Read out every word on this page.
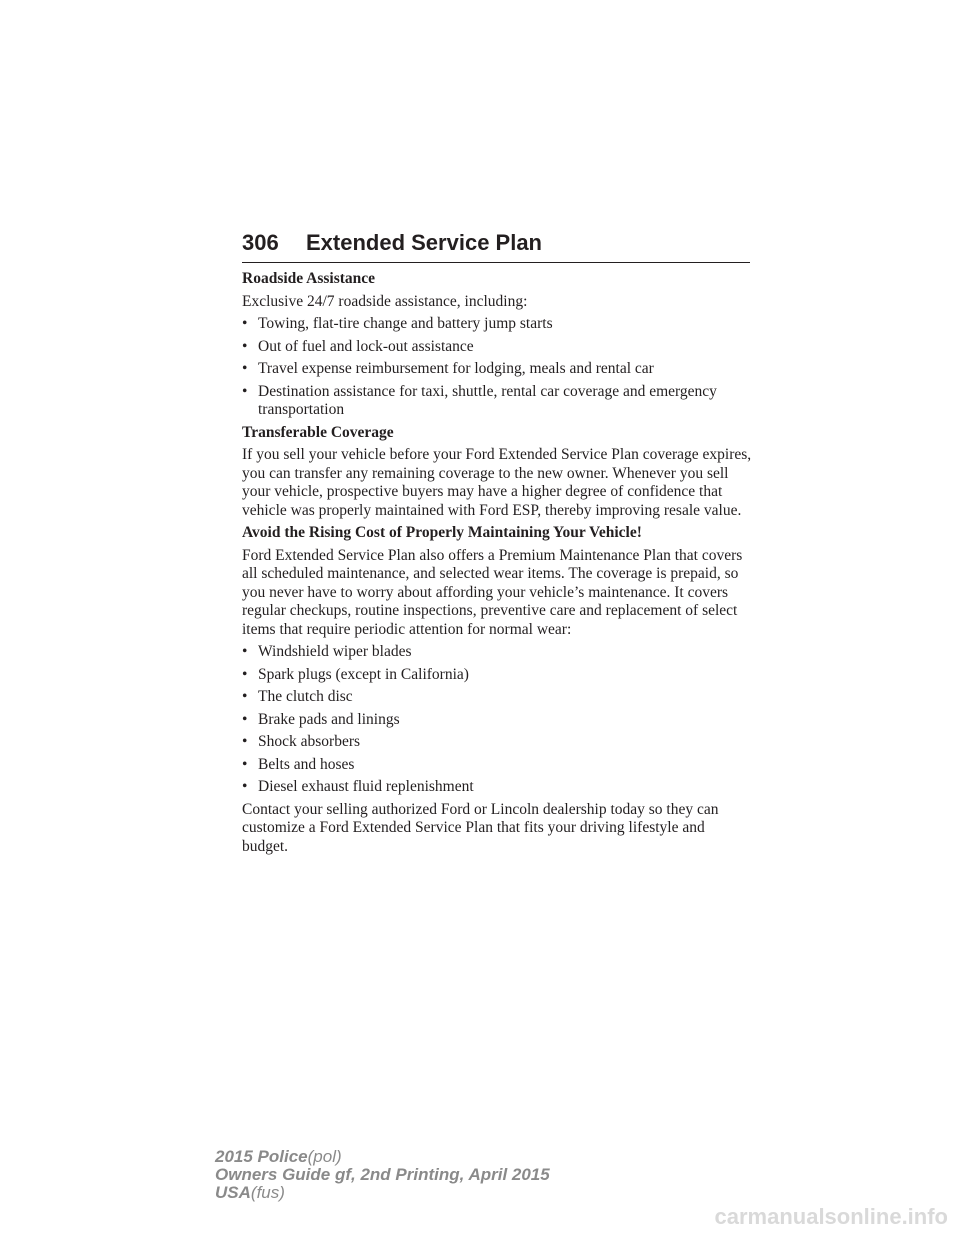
306 Extended Service Plan
Roadside Assistance

Exclusive 24/7 roadside assistance, including:

• Towing, flat-tire change and battery jump starts
• Out of fuel and lock-out assistance
• Travel expense reimbursement for lodging, meals and rental car
• Destination assistance for taxi, shuttle, rental car coverage and emergency transportation
Transferable Coverage

If you sell your vehicle before your Ford Extended Service Plan coverage expires, you can transfer any remaining coverage to the new owner. Whenever you sell your vehicle, prospective buyers may have a higher degree of confidence that vehicle was properly maintained with Ford ESP, thereby improving resale value.

Avoid the Rising Cost of Properly Maintaining Your Vehicle!

Ford Extended Service Plan also offers a Premium Maintenance Plan that covers all scheduled maintenance, and selected wear items. The coverage is prepaid, so you never have to worry about affording your vehicle’s maintenance. It covers regular checkups, routine inspections, preventive care and replacement of select items that require periodic attention for normal wear:

• Windshield wiper blades
• Spark plugs (except in California)
• The clutch disc
• Brake pads and linings
• Shock absorbers
• Belts and hoses
• Diesel exhaust fluid replenishment

Contact your selling authorized Ford or Lincoln dealership today so they can customize a Ford Extended Service Plan that fits your driving lifestyle and budget.

2015 Police(pol)
Owners Guide gf, 2nd Printing, April 2015
USA(fus)
carmanualsonline.info
